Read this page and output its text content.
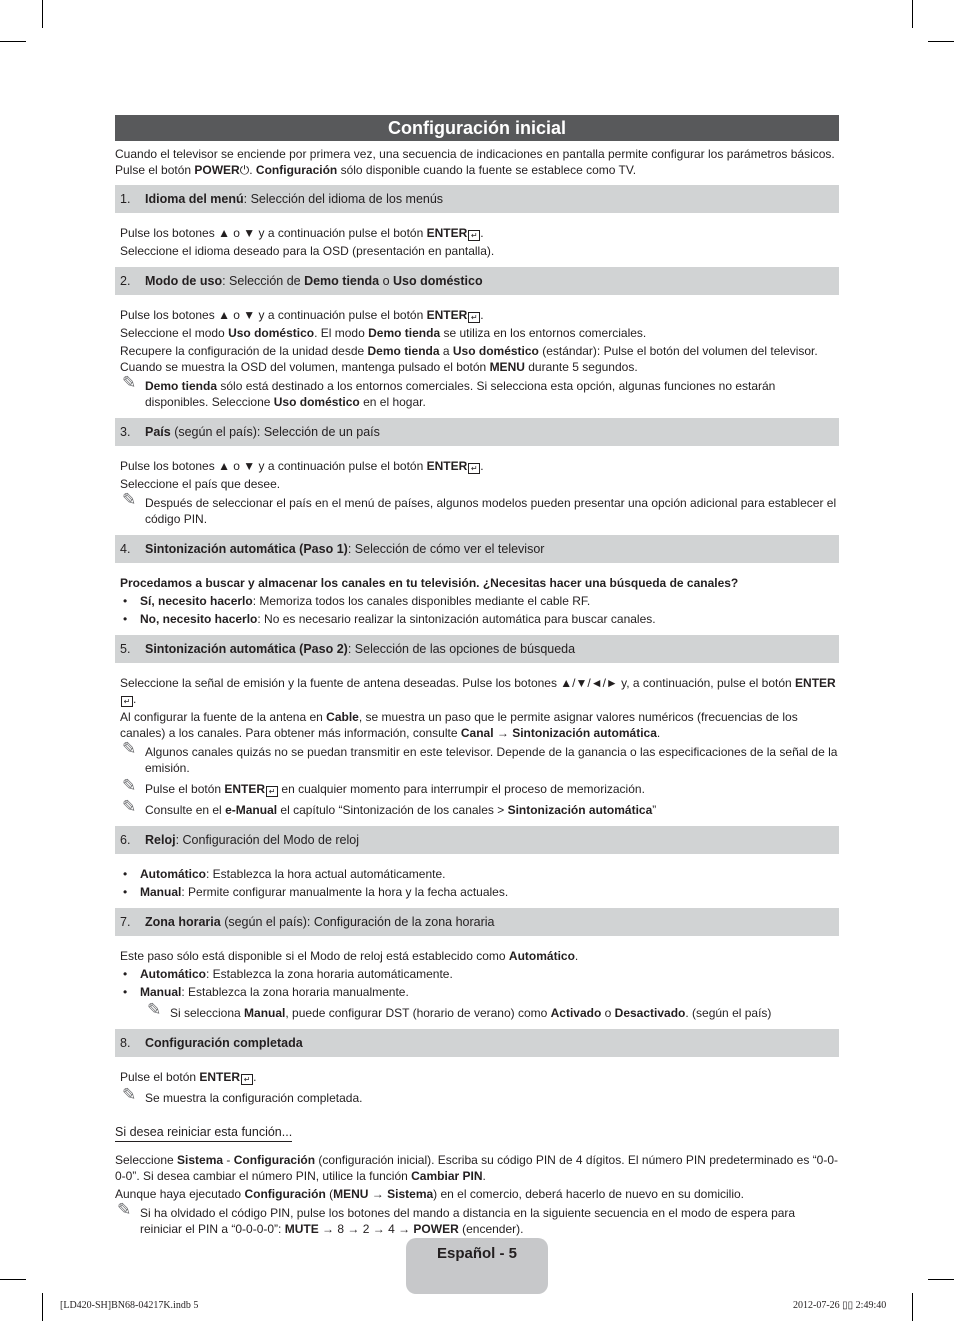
Configuración inicial

Cuando el televisor se enciende por primera vez, una secuencia de indicaciones en pantalla permite configurar los parámetros básicos.
Pulse el botón POWER⏻. Configuración sólo disponible cuando la fuente se establece como TV.

1. Idioma del menú: Selección del idioma de los menús
Pulse los botones ▲ o ▼ y a continuación pulse el botón ENTER ↵ .
Seleccione el idioma deseado para la OSD (presentación en pantalla).
2. Modo de uso: Selección de Demo tienda o Uso doméstico
Pulse los botones ▲ o ▼ y a continuación pulse el botón ENTER ↵ .
Seleccione el modo Uso doméstico. El modo Demo tienda se utiliza en los entornos comerciales.
Recupere la configuración de la unidad desde Demo tienda a Uso doméstico (estándar): Pulse el botón del volumen del televisor. Cuando se muestra la OSD del volumen, mantenga pulsado el botón MENU durante 5 segundos.
✎ Demo tienda sólo está destinado a los entornos comerciales. Si selecciona esta opción, algunas funciones no estarán disponibles. Seleccione Uso doméstico en el hogar.
3. País (según el país): Selección de un país
Pulse los botones ▲ o ▼ y a continuación pulse el botón ENTER ↵ .
Seleccione el país que desee.
✎ Después de seleccionar el país en el menú de países, algunos modelos pueden presentar una opción adicional para establecer el código PIN.
4. Sintonización automática (Paso 1): Selección de cómo ver el televisor
Procedamos a buscar y almacenar los canales en tu televisión. ¿Necesitas hacer una búsqueda de canales?
• Sí, necesito hacerlo: Memoriza todos los canales disponibles mediante el cable RF.
• No, necesito hacerlo: No es necesario realizar la sintonización automática para buscar canales.
5. Sintonización automática (Paso 2): Selección de las opciones de búsqueda
Seleccione la señal de emisión y la fuente de antena deseadas. Pulse los botones ▲/▼/◄/► y, a continuación, pulse el botón ENTER↵ .
Al configurar la fuente de la antena en Cable, se muestra un paso que le permite asignar valores numéricos (frecuencias de los canales) a los canales. Para obtener más información, consulte Canal → Sintonización automática.
✎ Algunos canales quizás no se puedan transmitir en este televisor. Depende de la ganancia o las especificaciones de la señal de la emisión.
✎ Pulse el botón ENTER ↵ en cualquier momento para interrumpir el proceso de memorización.
✎ Consulte en el e-Manual el capítulo “Sintonización de los canales > Sintonización automática”
6. Reloj: Configuración del Modo de reloj
• Automático: Establezca la hora actual automáticamente.
• Manual: Permite configurar manualmente la hora y la fecha actuales.
7. Zona horaria (según el país): Configuración de la zona horaria
Este paso sólo está disponible si el Modo de reloj está establecido como Automático.
• Automático: Establezca la zona horaria automáticamente.
• Manual: Establezca la zona horaria manualmente.
✎ Si selecciona Manual, puede configurar DST (horario de verano) como Activado o Desactivado. (según el país)
8. Configuración completada
Pulse el botón ENTER ↵ .
✎ Se muestra la configuración completada.
Si desea reiniciar esta función...
Seleccione Sistema - Configuración (configuración inicial). Escriba su código PIN de 4 dígitos. El número PIN predeterminado es “0-0-0-0”. Si desea cambiar el número PIN, utilice la función Cambiar PIN.
Aunque haya ejecutado Configuración (MENU → Sistema) en el comercio, deberá hacerlo de nuevo en su domicilio.
✎ Si ha olvidado el código PIN, pulse los botones del mando a distancia en la siguiente secuencia en el modo de espera para reiniciar el PIN a “0-0-0-0”: MUTE → 8 → 2 → 4 → POWER (encender).
Español - 5
[LD420-SH]BN68-04217K.indb 5	2012-07-26 ▯▯ 2:49:40
